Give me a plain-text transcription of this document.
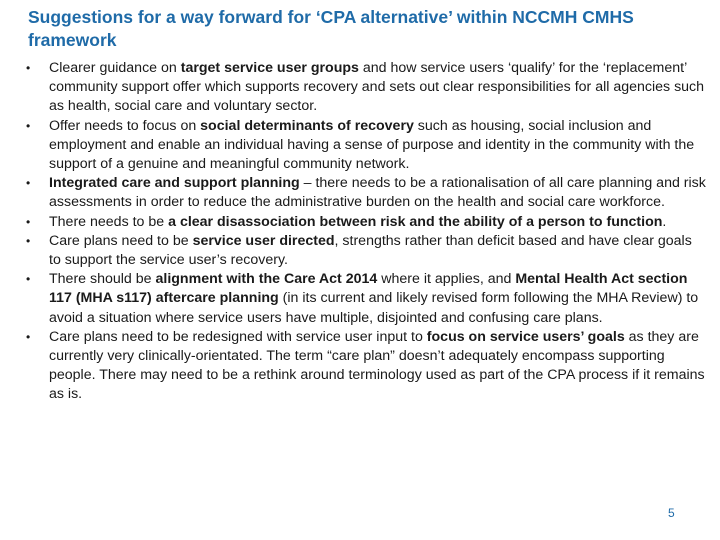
Suggestions for a way forward for ‘CPA alternative’ within NCCMH CMHS framework
•	Clearer guidance on target service user groups and how service users ‘qualify’ for the ‘replacement’ community support offer which supports recovery and sets out clear responsibilities for all agencies such as health, social care and voluntary sector.
•	Offer needs to focus on social determinants of recovery such as housing, social inclusion and employment and enable an individual having a sense of purpose and identity in the community with the support of a genuine and meaningful community network.
•	Integrated care and support planning – there needs to be a rationalisation of all care planning and risk assessments in order to reduce the administrative burden on the health and social care workforce.
•	There needs to be a clear disassociation between risk and the ability of a person to function.
•	Care plans need to be service user directed, strengths rather than deficit based and have clear goals to support the service user’s recovery.
•	There should be alignment with the Care Act 2014 where it applies, and Mental Health Act section 117 (MHA s117) aftercare planning (in its current and likely revised form following the MHA Review) to avoid a situation where service users have multiple, disjointed and confusing care plans.
•	Care plans need to be redesigned with service user input to focus on service users’ goals as they are currently very clinically-orientated. The term “care plan” doesn’t adequately encompass supporting people. There may need to be a rethink around terminology used as part of the CPA process if it remains as is.
5
